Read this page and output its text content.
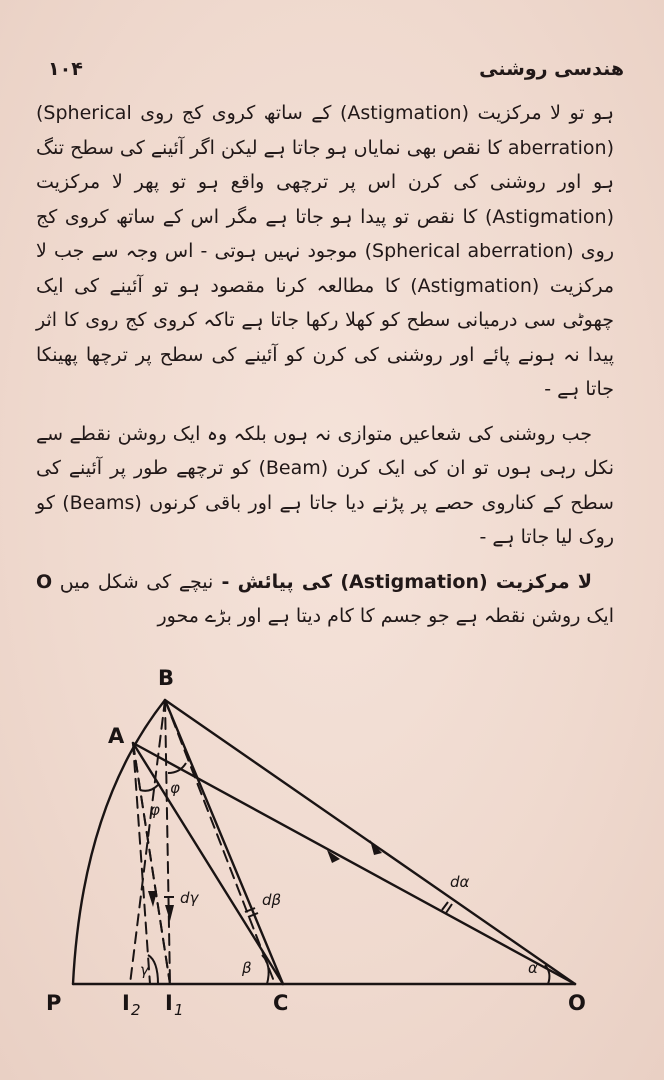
۱۰۴	هندسی روشنی

ہو تو لا مرکزیت (Astigmation) کے ساتھ کروی کج روی (Spherical aberration) کا نقص بھی نمایاں ہو جاتا ہے لیکن اگر آئینے کی سطح تنگ ہو اور روشنی کی کرن اس پر ترچھی واقع ہو تو پھر لا مرکزیت (Astigmation) کا نقص تو پیدا ہو جاتا ہے مگر اس کے ساتھ کروی کج روی (Spherical aberration) موجود نہیں ہوتی - اس وجہ سے جب لا مرکزیت (Astigmation) کا مطالعہ کرنا مقصود ہو تو آئینے کی ایک چھوٹی سی درمیانی سطح کو کھلا رکھا جاتا ہے تاکہ کروی کج روی کا اثر پیدا نہ ہونے پائے اور روشنی کی کرن کو آئینے کی سطح پر ترچھا پھینکا جاتا ہے -

جب روشنی کی شعاعیں متوازی نہ ہوں بلکہ وہ ایک روشن نقطے سے نکل رہی ہوں تو ان کی ایک کرن (Beam) کو ترچھے طور پر آئینے کی سطح کے کناروی حصے پر پڑنے دیا جاتا ہے اور باقی کرنوں (Beams) کو روک لیا جاتا ہے -

لا مرکزیت (Astigmation) کی پیائش - نیچے کی شکل میں O ایک روشن نقطہ ہے جو جسم کا کام دیتا ہے اور بڑے محور

P	I 2 I 1	C	O
A
B
α
β
γ
φ
φ
dα
dβ
dγ
